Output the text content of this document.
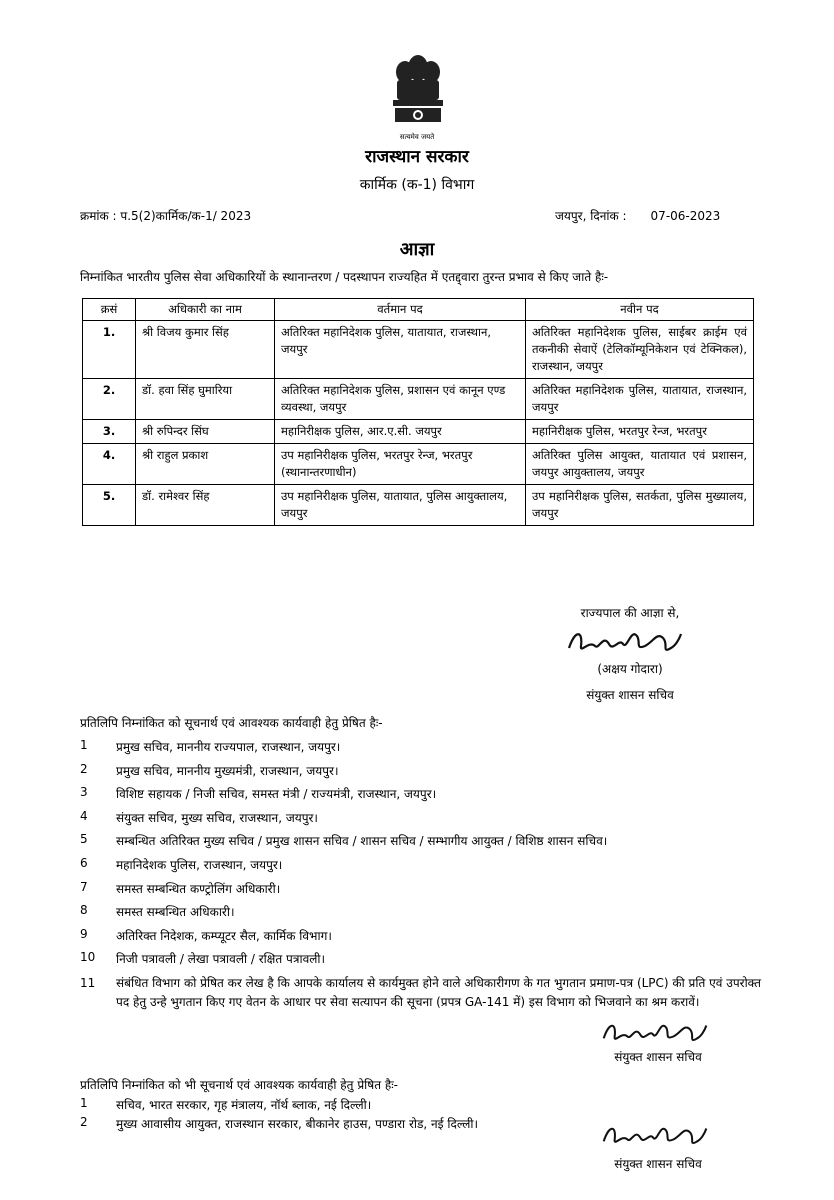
सत्यमेव जयते
राजस्थान सरकार
कार्मिक (क-1) विभाग
क्रमांक : प.5(2)कार्मिक/क-1/ 2023	जयपुर, दिनांक : 07-06-2023
आज्ञा
निम्नांकित भारतीय पुलिस सेवा अधिकारियों के स्थानान्तरण / पदस्थापन राज्यहित में एतद्द्वारा तुरन्त प्रभाव से किए जाते हैः-
क्रसं	अधिकारी का नाम	वर्तमान पद	नवीन पद
1.	श्री विजय कुमार सिंह	अतिरिक्त महानिदेशक पुलिस, यातायात, राजस्थान, जयपुर	अतिरिक्त महानिदेशक पुलिस, साईबर क्राईम एवं तकनीकी सेवाऐं (टेलिकॉम्यूनिकेशन एवं टेक्निकल), राजस्थान, जयपुर
2.	डॉ. हवा सिंह घुमारिया	अतिरिक्त महानिदेशक पुलिस, प्रशासन एवं कानून एण्ड व्यवस्था, जयपुर	अतिरिक्त महानिदेशक पुलिस, यातायात, राजस्थान, जयपुर
3.	श्री रुपिन्दर सिंघ	महानिरीक्षक पुलिस, आर.ए.सी. जयपुर	महानिरीक्षक पुलिस, भरतपुर रेन्ज, भरतपुर
4.	श्री राहुल प्रकाश	उप महानिरीक्षक पुलिस, भरतपुर रेन्ज, भरतपुर (स्थानान्तरणाधीन)	अतिरिक्त पुलिस आयुक्त, यातायात एवं प्रशासन, जयपुर आयुक्तालय, जयपुर
5.	डॉ. रामेश्वर सिंह	उप महानिरीक्षक पुलिस, यातायात, पुलिस आयुक्तालय, जयपुर	उप महानिरीक्षक पुलिस, सतर्कता, पुलिस मुख्यालय, जयपुर
राज्यपाल की आज्ञा से,
(अक्षय गोदारा)
संयुक्त शासन सचिव
प्रतिलिपि निम्नांकित को सूचनार्थ एवं आवश्यक कार्यवाही हेतु प्रेषित हैः-
1 प्रमुख सचिव, माननीय राज्यपाल, राजस्थान, जयपुर।
2 प्रमुख सचिव, माननीय मुख्यमंत्री, राजस्थान, जयपुर।
3 विशिष्ट सहायक / निजी सचिव, समस्त मंत्री / राज्यमंत्री, राजस्थान, जयपुर।
4 संयुक्त सचिव, मुख्य सचिव, राजस्थान, जयपुर।
5 सम्बन्धित अतिरिक्त मुख्य सचिव / प्रमुख शासन सचिव / शासन सचिव / सम्भागीय आयुक्त / विशिष्ठ शासन सचिव।
6 महानिदेशक पुलिस, राजस्थान, जयपुर।
7 समस्त सम्बन्धित कण्ट्रोलिंग अधिकारी।
8 समस्त सम्बन्धित अधिकारी।
9 अतिरिक्त निदेशक, कम्प्यूटर सैल, कार्मिक विभाग।
10 निजी पत्रावली / लेखा पत्रावली / रक्षित पत्रावली।
11 संबंधित विभाग को प्रेषित कर लेख है कि आपके कार्यालय से कार्यमुक्त होने वाले अधिकारीगण के गत भुगतान प्रमाण-पत्र (LPC) की प्रति एवं उपरोक्त पद हेतु उन्हे भुगतान किए गए वेतन के आधार पर सेवा सत्यापन की सूचना (प्रपत्र GA-141 में) इस विभाग को भिजवाने का श्रम करावें।
संयुक्त शासन सचिव
प्रतिलिपि निम्नांकित को भी सूचनार्थ एवं आवश्यक कार्यवाही हेतु प्रेषित हैः-
1 सचिव, भारत सरकार, गृह मंत्रालय, नॉर्थ ब्लाक, नई दिल्ली।
2 मुख्य आवासीय आयुक्त, राजस्थान सरकार, बीकानेर हाउस, पण्डारा रोड, नई दिल्ली।
संयुक्त शासन सचिव
